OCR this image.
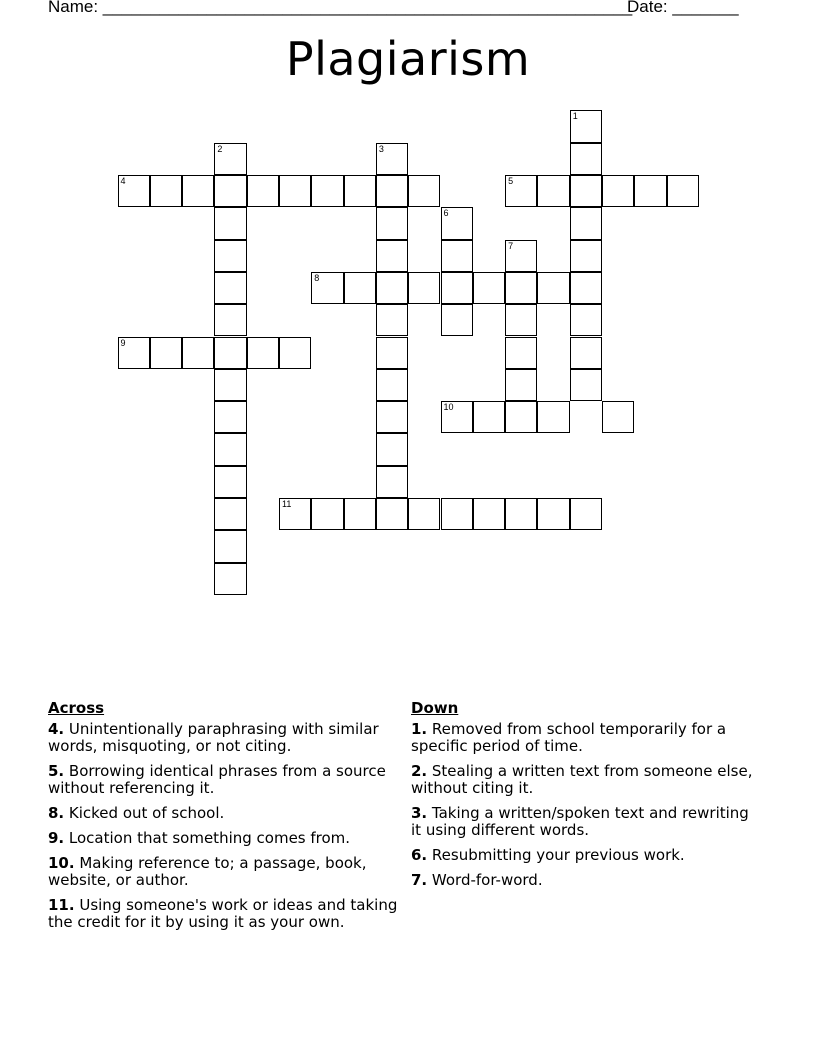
Name: ________________________________________________________
Date: _______
Plagiarism
1
2	3
4	5
6
7
8
9
10
11
Across
4. Unintentionally paraphrasing with similar words, misquoting, or not citing.
5. Borrowing identical phrases from a source without referencing it.
8. Kicked out of school.
9. Location that something comes from.
10. Making reference to; a passage, book, website, or author.
11. Using someone's work or ideas and taking the credit for it by using it as your own.
Down
1. Removed from school temporarily for a specific period of time.
2. Stealing a written text from someone else, without citing it.
3. Taking a written/spoken text and rewriting it using different words.
6. Resubmitting your previous work.
7. Word-for-word.
